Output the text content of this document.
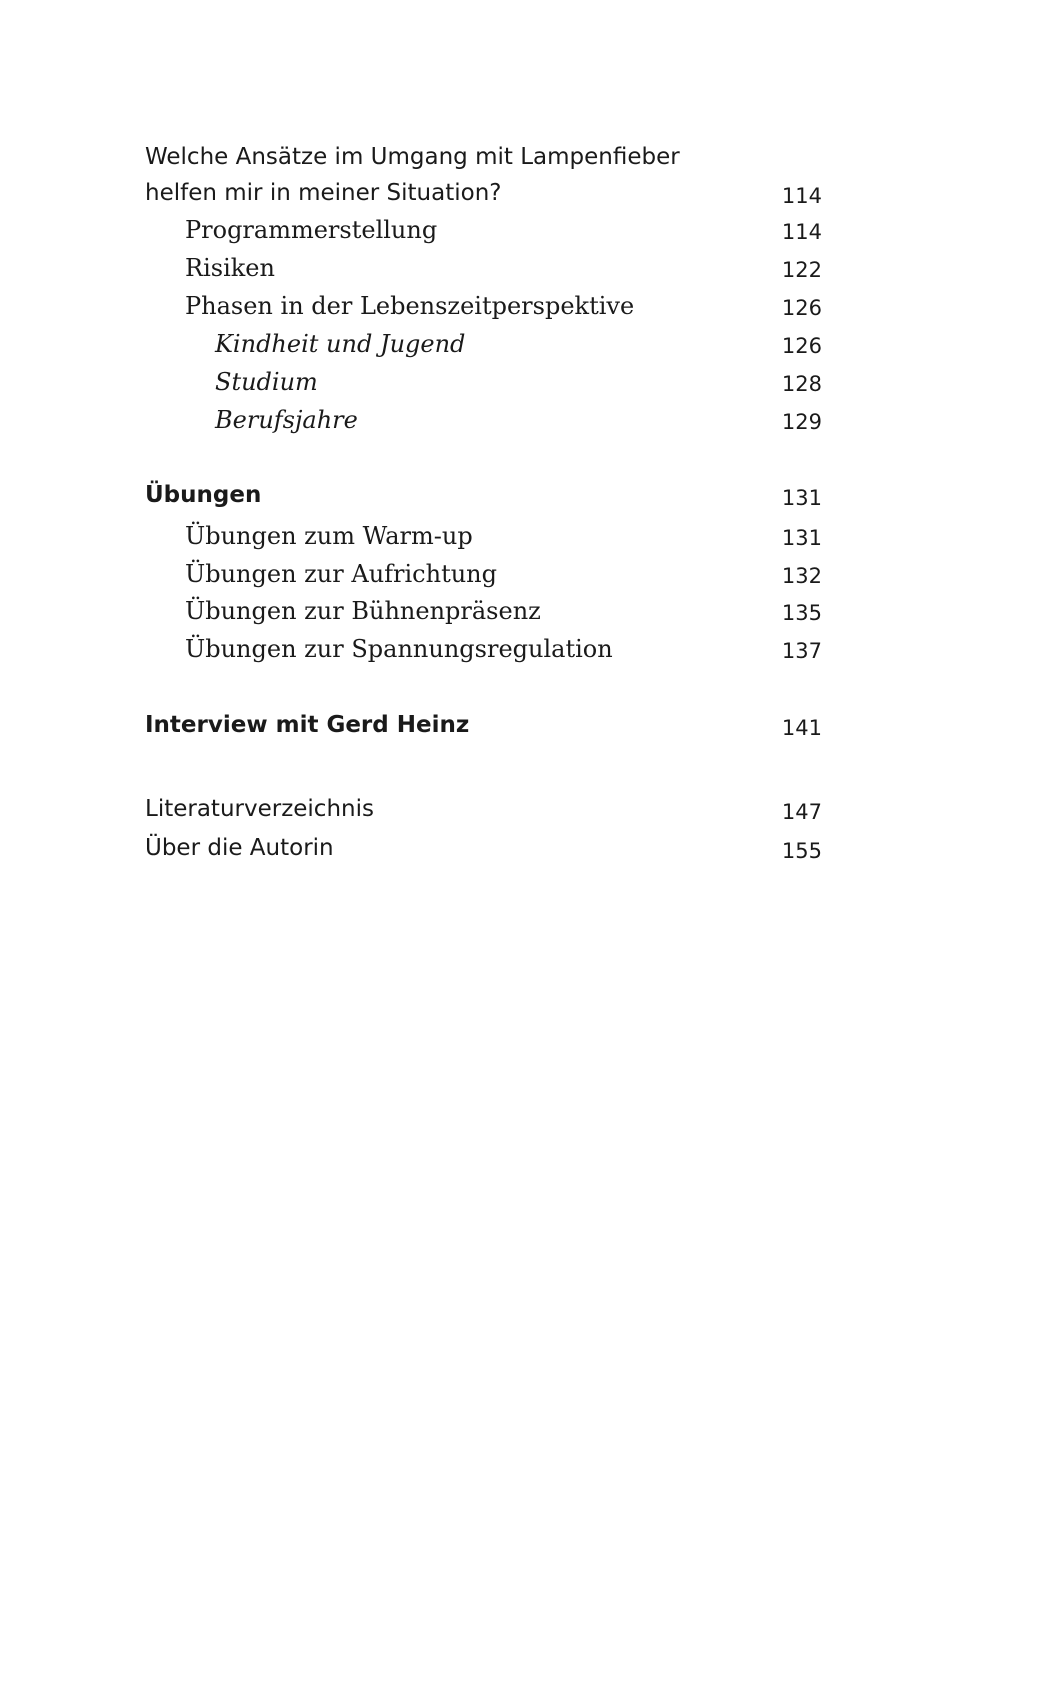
Welche Ansätze im Umgang mit Lampenfieber
helfen mir in meiner Situation?	114
Programmerstellung	114
Risiken	122
Phasen in der Lebenszeitperspektive	126
Kindheit und Jugend	126
Studium	128
Berufsjahre	129
Übungen	131
Übungen zum Warm-up	131
Übungen zur Aufrichtung	132
Übungen zur Bühnenpräsenz	135
Übungen zur Spannungsregulation	137
Interview mit Gerd Heinz	141
Literaturverzeichnis	147
Über die Autorin	155
